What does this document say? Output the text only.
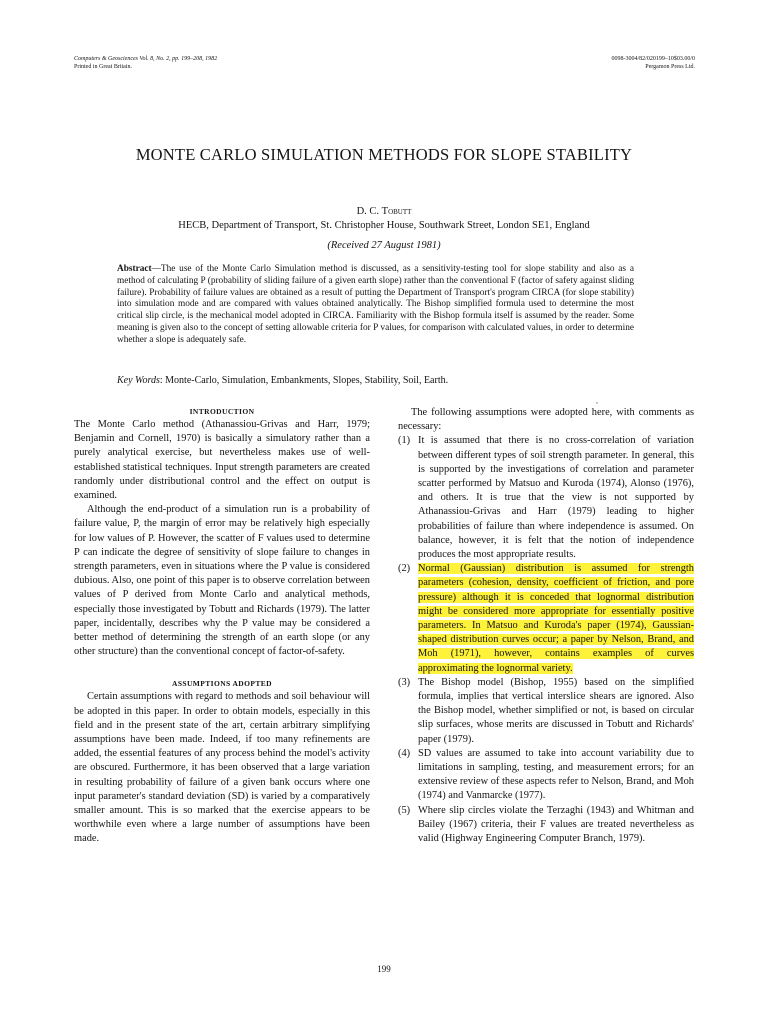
Computers & Geosciences Vol. 8, No. 2, pp. 199–208, 1982
Printed in Great Britain.
0098-3004/82/020199–10$03.00/0
Pergamon Press Ltd.
MONTE CARLO SIMULATION METHODS FOR SLOPE STABILITY
D. C. Tobutt
HECB, Department of Transport, St. Christopher House, Southwark Street, London SE1, England
(Received 27 August 1981)
Abstract—The use of the Monte Carlo Simulation method is discussed, as a sensitivity-testing tool for slope stability and also as a method of calculating P (probability of sliding failure of a given earth slope) rather than the conventional F (factor of safety against sliding failure). Probability of failure values are obtained as a result of putting the Department of Transport's program CIRCA (for slope stability) into simulation mode and are compared with values obtained analytically. The Bishop simplified formula used to determine the most critical slip circle, is the mechanical model adopted in CIRCA. Familiarity with the Bishop formula itself is assumed by the reader. Some meaning is given also to the concept of setting allowable criteria for P values, for comparison with calculated values, in order to determine whether a slope is adequately safe.
Key Words: Monte-Carlo, Simulation, Embankments, Slopes, Stability, Soil, Earth.
,
INTRODUCTION

The Monte Carlo method (Athanassiou-Grivas and Harr, 1979; Benjamin and Cornell, 1970) is basically a simulatory rather than a purely analytical exercise, but nevertheless makes use of well-established statistical techniques. Input strength parameters are created randomly under distributional control and the effect on output is examined.

Although the end-product of a simulation run is a probability of failure value, P, the margin of error may be relatively high especially for low values of P. However, the scatter of F values used to determine P can indicate the degree of sensitivity of slope failure to changes in strength parameters, even in situations where the P value is considered dubious. Also, one point of this paper is to observe correlation between values of P derived from Monte Carlo and analytical methods, especially those investigated by Tobutt and Richards (1979). The latter paper, incidentally, describes why the P value may be considered a better method of determining the strength of an earth slope (or any other structure) than the conventional concept of factor-of-safety.

ASSUMPTIONS ADOPTED

Certain assumptions with regard to methods and soil behaviour will be adopted in this paper. In order to obtain models, especially in this field and in the present state of the art, certain arbitrary simplifying assumptions have been made. Indeed, if too many refinements are added, the essential features of any process behind the model's activity are obscured. Furthermore, it has been observed that a large variation in resulting probability of failure of a given bank occurs where one input parameter's standard deviation (SD) is varied by a comparatively smaller amount. This is so marked that the exercise appears to be worthwhile even where a large number of assumptions have been made.

The following assumptions were adopted here, with comments as necessary:

(1) It is assumed that there is no cross-correlation of variation between different types of soil strength parameter. In general, this is supported by the investigations of correlation and parameter scatter performed by Matsuo and Kuroda (1974), Alonso (1976), and others. It is true that the view is not supported by Athanassiou-Grivas and Harr (1979) leading to higher probabilities of failure than where independence is assumed. On balance, however, it is felt that the notion of independence produces the most appropriate results.
(2) Normal (Gaussian) distribution is assumed for strength parameters (cohesion, density, coefficient of friction, and pore pressure) although it is conceded that lognormal distribution might be considered more appropriate for essentially positive parameters. In Matsuo and Kuroda's paper (1974), Gaussian-shaped distribution curves occur; a paper by Nelson, Brand, and Moh (1971), however, contains examples of curves approximating the lognormal variety.
(3) The Bishop model (Bishop, 1955) based on the simplified formula, implies that vertical interslice shears are ignored. Also the Bishop model, whether simplified or not, is based on circular slip surfaces, whose merits are discussed in Tobutt and Richards' paper (1979).
(4) SD values are assumed to take into account variability due to limitations in sampling, testing, and measurement errors; for an extensive review of these aspects refer to Nelson, Brand, and Moh (1974) and Vanmarcke (1977).
(5) Where slip circles violate the Terzaghi (1943) and Whitman and Bailey (1967) criteria, their F values are treated nevertheless as valid (Highway Engineering Computer Branch, 1979).
199
